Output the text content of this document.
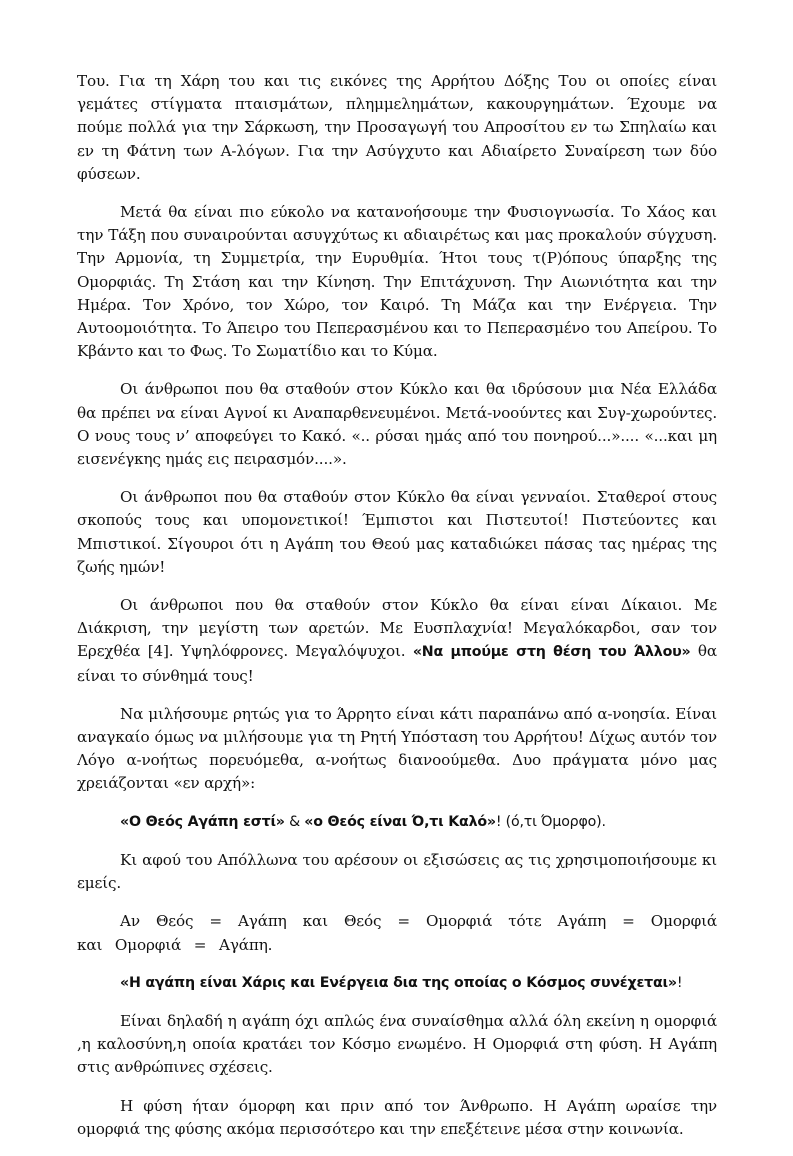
Του. Για τη Χάρη του και τις εικόνες της Αρρήτου Δόξης Του οι οποίες είναι γεμάτες στίγματα πταισμάτων, πλημμελημάτων, κακουργημάτων. Έχουμε να πούμε πολλά για την Σάρκωση, την Προσαγωγή του Απροσίτου εν τω Σπηλαίω και εν τη Φάτνη των Α-λόγων. Για την Ασύγχυτο και Αδιαίρετο Συναίρεση των δύο φύσεων.

Μετά θα είναι πιο εύκολο να κατανοήσουμε την Φυσιογνωσία. Το Χάος και την Τάξη που συναιρούνται ασυγχύτως κι αδιαιρέτως και μας προκαλούν σύγχυση. Την Αρμονία, τη Συμμετρία, την Ευρυθμία. Ήτοι τους τ(Ρ)όπους ύπαρξης της Ομορφιάς. Τη Στάση και την Κίνηση. Την Επιτάχυνση. Την Αιωνιότητα και την Ημέρα. Τον Χρόνο, τον Χώρο, τον Καιρό. Τη Μάζα και την Ενέργεια. Την Αυτοομοιότητα. Το Άπειρο του Πεπερασμένου και το Πεπερασμένο του Απείρου. Το Κβάντο και το Φως. Το Σωματίδιο και το Κύμα.

Οι άνθρωποι που θα σταθούν στον Κύκλο και θα ιδρύσουν μια Νέα Ελλάδα θα πρέπει να είναι Αγνοί κι Αναπαρθενευμένοι. Μετά-νοούντες και Συγ-χωρούντες. Ο νους τους ν’ αποφεύγει το Κακό. «.. ρύσαι ημάς από του πονηρού...».... «...και μη εισενέγκης ημάς εις πειρασμόν....».

Οι άνθρωποι που θα σταθούν στον Κύκλο θα είναι γενναίοι. Σταθεροί στους σκοπούς τους και υπομονετικοί! Έμπιστοι και Πιστευτοί! Πιστεύοντες και Μπιστικοί. Σίγουροι ότι η Αγάπη του Θεού μας καταδιώκει πάσας τας ημέρας της ζωής ημών!

Οι άνθρωποι που θα σταθούν στον Κύκλο θα είναι είναι Δίκαιοι. Με Διάκριση, την μεγίστη των αρετών. Με Ευσπλαχνία! Μεγαλόκαρδοι, σαν τον Ερεχθέα [4]. Υψηλόφρονες. Μεγαλόψυχοι. «Να μπούμε στη θέση του Άλλου» θα είναι το σύνθημά τους!

Να μιλήσουμε ρητώς για το Άρρητο είναι κάτι παραπάνω από α-νοησία. Είναι αναγκαίο όμως να μιλήσουμε για τη Ρητή Υπόσταση του Αρρήτου! Δίχως αυτόν τον Λόγο α-νοήτως πορευόμεθα, α-νοήτως διανοούμεθα. Δυο πράγματα μόνο μας χρειάζονται «εν αρχή»:

«Ο Θεός Αγάπη εστί» & «ο Θεός είναι Ό,τι Καλό»! (ό,τι Όμορφο).

Κι αφού του Απόλλωνα του αρέσουν οι εξισώσεις ας τις χρησιμοποιήσουμε κι εμείς.

Αν Θεός = Αγάπη και Θεός = Ομορφιά τότε Αγάπη = Ομορφιά και Ομορφιά = Αγάπη.

«Η αγάπη είναι Χάρις και Ενέργεια δια της οποίας ο Κόσμος συνέχεται»!

Είναι δηλαδή η αγάπη όχι απλώς ένα συναίσθημα αλλά όλη εκείνη η ομορφιά ,η καλοσύνη,η οποία κρατάει τον Κόσμο ενωμένο. Η Ομορφιά στη φύση. Η Αγάπη στις ανθρώπινες σχέσεις.

Η φύση ήταν όμορφη και πριν από τον Άνθρωπο. Η Αγάπη ωραίσε την ομορφιά της φύσης ακόμα περισσότερο και την επεξέτεινε μέσα στην κοινωνία.
